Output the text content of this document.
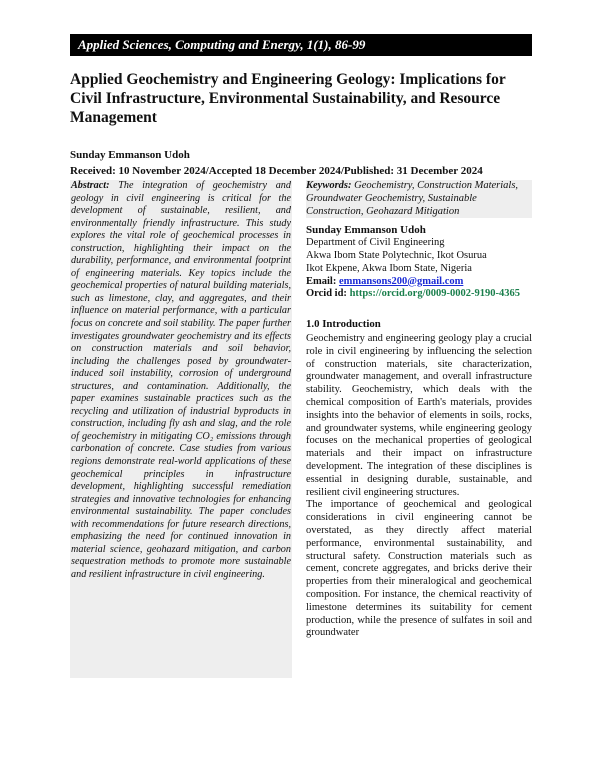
Applied Sciences, Computing and Energy, 1(1), 86-99
Applied Geochemistry and Engineering Geology: Implications for Civil Infrastructure, Environmental Sustainability, and Resource Management
Sunday Emmanson Udoh
Received: 10 November 2024/Accepted 18 December 2024/Published: 31 December 2024
Abstract: The integration of geochemistry and geology in civil engineering is critical for the development of sustainable, resilient, and environmentally friendly infrastructure. This study explores the vital role of geochemical processes in construction, highlighting their impact on the durability, performance, and environmental footprint of engineering materials. Key topics include the geochemical properties of natural building materials, such as limestone, clay, and aggregates, and their influence on material performance, with a particular focus on concrete and soil stability. The paper further investigates groundwater geochemistry and its effects on construction materials and soil behavior, including the challenges posed by groundwater-induced soil instability, corrosion of underground structures, and contamination. Additionally, the paper examines sustainable practices such as the recycling and utilization of industrial byproducts in construction, including fly ash and slag, and the role of geochemistry in mitigating CO₂ emissions through carbonation of concrete. Case studies from various regions demonstrate real-world applications of these geochemical principles in infrastructure development, highlighting successful remediation strategies and innovative technologies for enhancing environmental sustainability. The paper concludes with recommendations for future research directions, emphasizing the need for continued innovation in material science, geohazard mitigation, and carbon sequestration methods to promote more sustainable and resilient infrastructure in civil engineering.

Keywords: Geochemistry, Construction Materials, Groundwater Geochemistry, Sustainable Construction, Geohazard Mitigation

Sunday Emmanson Udoh
Department of Civil Engineering
Akwa Ibom State Polytechnic, Ikot Osurua
Ikot Ekpene, Akwa Ibom State, Nigeria
Email: emmansons200@gmail.com
Orcid id: https://orcid.org/0009-0002-9190-4365
1.0 Introduction

Geochemistry and engineering geology play a crucial role in civil engineering by influencing the selection of construction materials, site characterization, groundwater management, and overall infrastructure stability. Geochemistry, which deals with the chemical composition of Earth's materials, provides insights into the behavior of elements in soils, rocks, and groundwater systems, while engineering geology focuses on the mechanical properties of geological materials and their impact on infrastructure development. The integration of these disciplines is essential in designing durable, sustainable, and resilient civil engineering structures.

The importance of geochemical and geological considerations in civil engineering cannot be overstated, as they directly affect material performance, environmental sustainability, and structural safety. Construction materials such as cement, concrete aggregates, and bricks derive their properties from their mineralogical and geochemical composition. For instance, the chemical reactivity of limestone determines its suitability for cement production, while the presence of sulfates in soil and groundwater
